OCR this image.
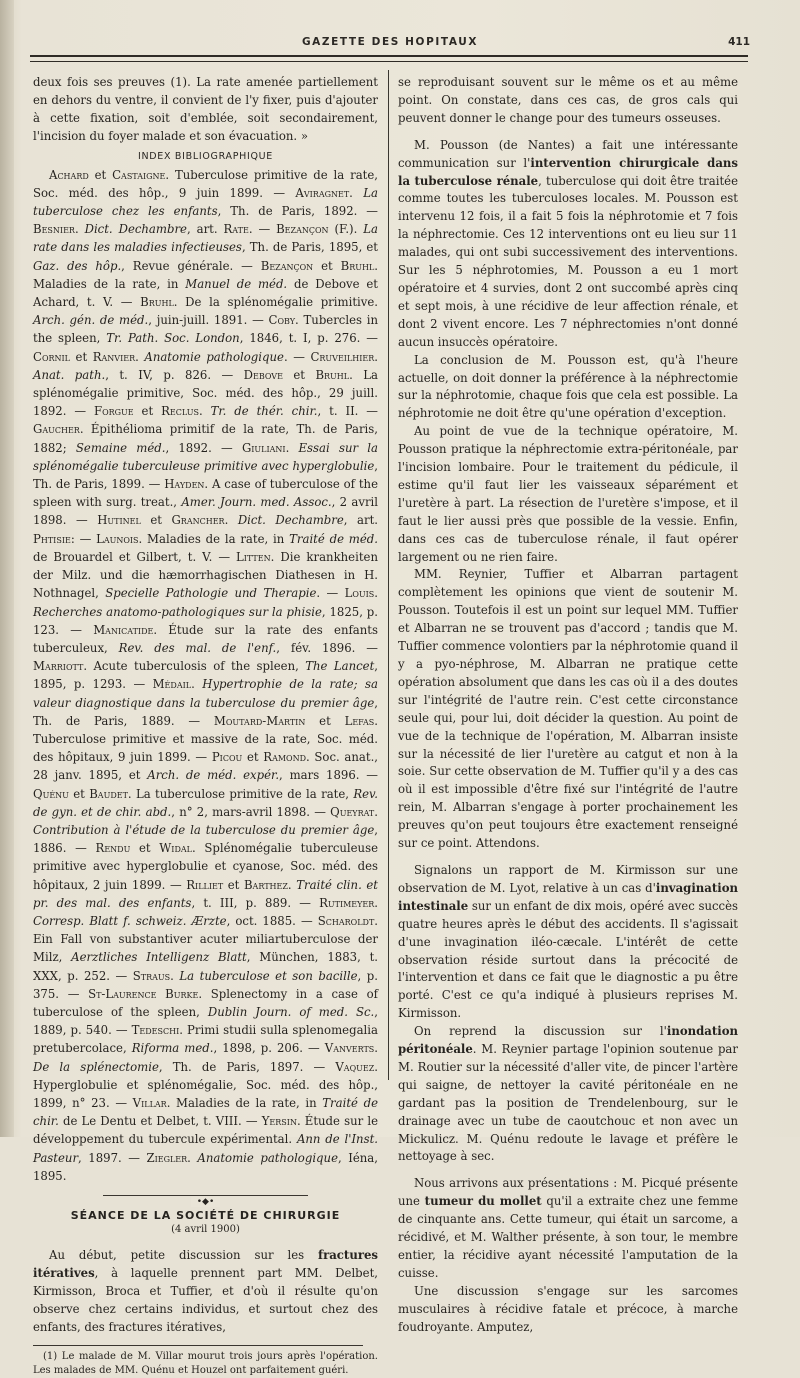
GAZETTE DES HOPITAUX	411

deux fois ses preuves (1). La rate amenée partiellement en dehors du ventre, il convient de l'y fixer, puis d'ajouter à cette fixation, soit d'emblée, soit secondairement, l'incision du foyer malade et son évacuation. »

INDEX BIBLIOGRAPHIQUE

Achard et Castaigne. Tuberculose primitive de la rate, Soc. méd. des hôp., 9 juin 1899. — Aviragnet. La tuberculose chez les enfants, Th. de Paris, 1892. — Besnier. Dict. Dechambre, art. Rate. — Bezançon (F.). La rate dans les maladies infectieuses, Th. de Paris, 1895, et Gaz. des hôp., Revue générale. — Bezançon et Bruhl. Maladies de la rate, in Manuel de méd. de Debove et Achard, t. V. — Bruhl. De la splénomégalie primitive. Arch. gén. de méd., juin-juill. 1891. — Coby. Tubercles in the spleen, Tr. Path. Soc. London, 1846, t. I, p. 276. — Cornil et Ranvier. Anatomie pathologique. — Cruveilhier. Anat. path., t. IV, p. 826. — Debove et Bruhl. La splénomégalie primitive, Soc. méd. des hôp., 29 juill. 1892. — Forgue et Reclus. Tr. de thér. chir., t. II. — Gaucher. Épithélioma primitif de la rate, Th. de Paris, 1882; Semaine méd., 1892. — Giuliani. Essai sur la splénomégalie tuberculeuse primitive avec hyperglobulie, Th. de Paris, 1899. — Hayden. A case of tuberculose of the spleen with surg. treat., Amer. Journ. med. Assoc., 2 avril 1898. — Hutinel et Grancher. Dict. Dechambre, art. Phtisie: — Launois. Maladies de la rate, in Traité de méd. de Brouardel et Gilbert, t. V. — Litten. Die krankheiten der Milz. und die hæmorrhagischen Diathesen in H. Nothnagel, Specielle Pathologie und Therapie. — Louis. Recherches anatomo-pathologiques sur la phisie, 1825, p. 123. — Manicatide. Étude sur la rate des enfants tuberculeux, Rev. des mal. de l'enf., fév. 1896. — Marriott. Acute tuberculosis of the spleen, The Lancet, 1895, p. 1293. — Médail. Hypertrophie de la rate; sa valeur diagnostique dans la tuberculose du premier âge, Th. de Paris, 1889. — Moutard-Martin et Lefas. Tuberculose primitive et massive de la rate, Soc. méd. des hôpitaux, 9 juin 1899. — Picou et Ramond. Soc. anat., 28 janv. 1895, et Arch. de méd. expér., mars 1896. — Quénu et Baudet. La tuberculose primitive de la rate, Rev. de gyn. et de chir. abd., n° 2, mars-avril 1898. — Queyrat. Contribution à l'étude de la tuberculose du premier âge, 1886. — Rendu et Widal. Splénomégalie tuberculeuse primitive avec hyperglobulie et cyanose, Soc. méd. des hôpitaux, 2 juin 1899. — Rilliet et Barthez. Traité clin. et pr. des mal. des enfants, t. III, p. 889. — Rutimeyer. Corresp. Blatt f. schweiz. Ærzte, oct. 1885. — Scharoldt. Ein Fall von substantiver acuter miliartuberculose der Milz, Aerztliches Intelligenz Blatt, München, 1883, t. XXX, p. 252. — Straus. La tuberculose et son bacille, p. 375. — St-Laurence Burke. Splenectomy in a case of tuberculose of the spleen, Dublin Journ. of med. Sc., 1889, p. 540. — Tedeschi. Primi studii sulla splenomegalia pretubercolace, Riforma med., 1898, p. 206. — Vanverts. De la splénectomie, Th. de Paris, 1897. — Vaquez. Hyperglobulie et splénomégalie, Soc. méd. des hôp., 1899, n° 23. — Villar. Maladies de la rate, in Traité de chir. de Le Dentu et Delbet, t. VIII. — Yersin. Étude sur le développement du tubercule expérimental. Ann de l'Inst. Pasteur, 1897. — Ziegler. Anatomie pathologique, Iéna, 1895.

•◆•
SÉANCE DE LA SOCIÉTÉ DE CHIRURGIE
(4 avril 1900)

Au début, petite discussion sur les fractures itératives, à laquelle prennent part MM. Delbet, Kirmisson, Broca et Tuffier, et d'où il résulte qu'on observe chez certains individus, et surtout chez des enfants, des fractures itératives,

(1) Le malade de M. Villar mourut trois jours après l'opération. Les malades de MM. Quénu et Houzel ont parfaitement guéri.

se reproduisant souvent sur le même os et au même point. On constate, dans ces cas, de gros cals qui peuvent donner le change pour des tumeurs osseuses.

M. Pousson (de Nantes) a fait une intéressante communication sur l'intervention chirurgicale dans la tuberculose rénale, tuberculose qui doit être traitée comme toutes les tuberculoses locales. M. Pousson est intervenu 12 fois, il a fait 5 fois la néphrotomie et 7 fois la néphrectomie. Ces 12 interventions ont eu lieu sur 11 malades, qui ont subi successivement des interventions. Sur les 5 néphrotomies, M. Pousson a eu 1 mort opératoire et 4 survies, dont 2 ont succombé après cinq et sept mois, à une récidive de leur affection rénale, et dont 2 vivent encore. Les 7 néphrectomies n'ont donné aucun insuccès opératoire.

La conclusion de M. Pousson est, qu'à l'heure actuelle, on doit donner la préférence à la néphrectomie sur la néphrotomie, chaque fois que cela est possible. La néphrotomie ne doit être qu'une opération d'exception.

Au point de vue de la technique opératoire, M. Pousson pratique la néphrectomie extra-péritonéale, par l'incision lombaire. Pour le traitement du pédicule, il estime qu'il faut lier les vaisseaux séparément et l'uretère à part. La résection de l'uretère s'impose, et il faut le lier aussi près que possible de la vessie. Enfin, dans ces cas de tuberculose rénale, il faut opérer largement ou ne rien faire.

MM. Reynier, Tuffier et Albarran partagent complètement les opinions que vient de soutenir M. Pousson. Toutefois il est un point sur lequel MM. Tuffier et Albarran ne se trouvent pas d'accord ; tandis que M. Tuffier commence volontiers par la néphrotomie quand il y a pyo-néphrose, M. Albarran ne pratique cette opération absolument que dans les cas où il a des doutes sur l'intégrité de l'autre rein. C'est cette circonstance seule qui, pour lui, doit décider la question. Au point de vue de la technique de l'opération, M. Albarran insiste sur la nécessité de lier l'uretère au catgut et non à la soie. Sur cette observation de M. Tuffier qu'il y a des cas où il est impossible d'être fixé sur l'intégrité de l'autre rein, M. Albarran s'engage à porter prochainement les preuves qu'on peut toujours être exactement renseigné sur ce point. Attendons.

Signalons un rapport de M. Kirmisson sur une observation de M. Lyot, relative à un cas d'invagination intestinale sur un enfant de dix mois, opéré avec succès quatre heures après le début des accidents. Il s'agissait d'une invagination iléo-cæcale. L'intérêt de cette observation réside surtout dans la précocité de l'intervention et dans ce fait que le diagnostic a pu être porté. C'est ce qu'a indiqué à plusieurs reprises M. Kirmisson.

On reprend la discussion sur l'inondation péritonéale. M. Reynier partage l'opinion soutenue par M. Routier sur la nécessité d'aller vite, de pincer l'artère qui saigne, de nettoyer la cavité péritonéale en ne gardant pas la position de Trendelenbourg, sur le drainage avec un tube de caoutchouc et non avec un Mickulicz. M. Quénu redoute le lavage et préfère le nettoyage à sec.

Nous arrivons aux présentations : M. Picqué présente une tumeur du mollet qu'il a extraite chez une femme de cinquante ans. Cette tumeur, qui était un sarcome, a récidivé, et M. Walther présente, à son tour, le membre entier, la récidive ayant nécessité l'amputation de la cuisse.

Une discussion s'engage sur les sarcomes musculaires à récidive fatale et précoce, à marche foudroyante. Amputez,
